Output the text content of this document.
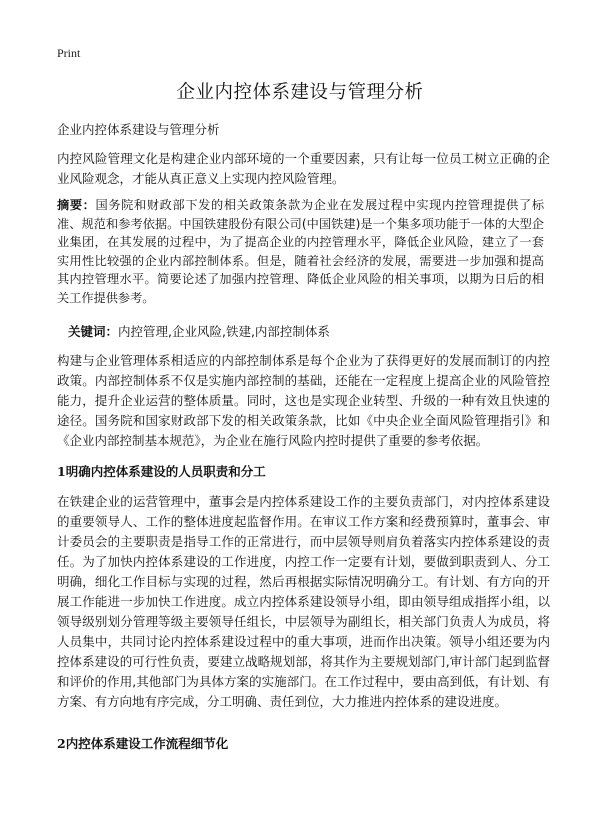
Print
企业内控体系建设与管理分析

企业内控体系建设与管理分析

内控风险管理文化是构建企业内部环境的一个重要因素，只有让每一位员工树立正确的企业风险观念，才能从真正意义上实现内控风险管理。

摘要：国务院和财政部下发的相关政策条款为企业在发展过程中实现内控管理提供了标准、规范和参考依据。中国铁建股份有限公司(中国铁建)是一个集多项功能于一体的大型企业集团，在其发展的过程中，为了提高企业的内控管理水平，降低企业风险，建立了一套实用性比较强的企业内部控制体系。但是，随着社会经济的发展，需要进一步加强和提高其内控管理水平。简要论述了加强内控管理、降低企业风险的相关事项，以期为日后的相关工作提供参考。

关键词：内控管理,企业风险,铁建,内部控制体系

构建与企业管理体系相适应的内部控制体系是每个企业为了获得更好的发展而制订的内控政策。内部控制体系不仅是实施内部控制的基础，还能在一定程度上提高企业的风险管控能力，提升企业运营的整体质量。同时，这也是实现企业转型、升级的一种有效且快速的途径。国务院和国家财政部下发的相关政策条款，比如《中央企业全面风险管理指引》和《企业内部控制基本规范》，为企业在施行风险内控时提供了重要的参考依据。

1明确内控体系建设的人员职责和分工

在铁建企业的运营管理中，董事会是内控体系建设工作的主要负责部门，对内控体系建设的重要领导人、工作的整体进度起监督作用。在审议工作方案和经费预算时，董事会、审计委员会的主要职责是指导工作的正常进行，而中层领导则肩负着落实内控体系建设的责任。为了加快内控体系建设的工作进度，内控工作一定要有计划，要做到职责到人、分工明确，细化工作目标与实现的过程，然后再根据实际情况明确分工。有计划、有方向的开展工作能进一步加快工作进度。成立内控体系建设领导小组，即由领导组成指挥小组，以领导级别划分管理等级主要领导任组长，中层领导为副组长，相关部门负责人为成员，将人员集中，共同讨论内控体系建设过程中的重大事项，进而作出决策。领导小组还要为内控体系建设的可行性负责，要建立战略规划部，将其作为主要规划部门,审计部门起到监督和评价的作用,其他部门为具体方案的实施部门。在工作过程中，要由高到低，有计划、有方案、有方向地有序完成，分工明确、责任到位，大力推进内控体系的建设进度。

2内控体系建设工作流程细节化
